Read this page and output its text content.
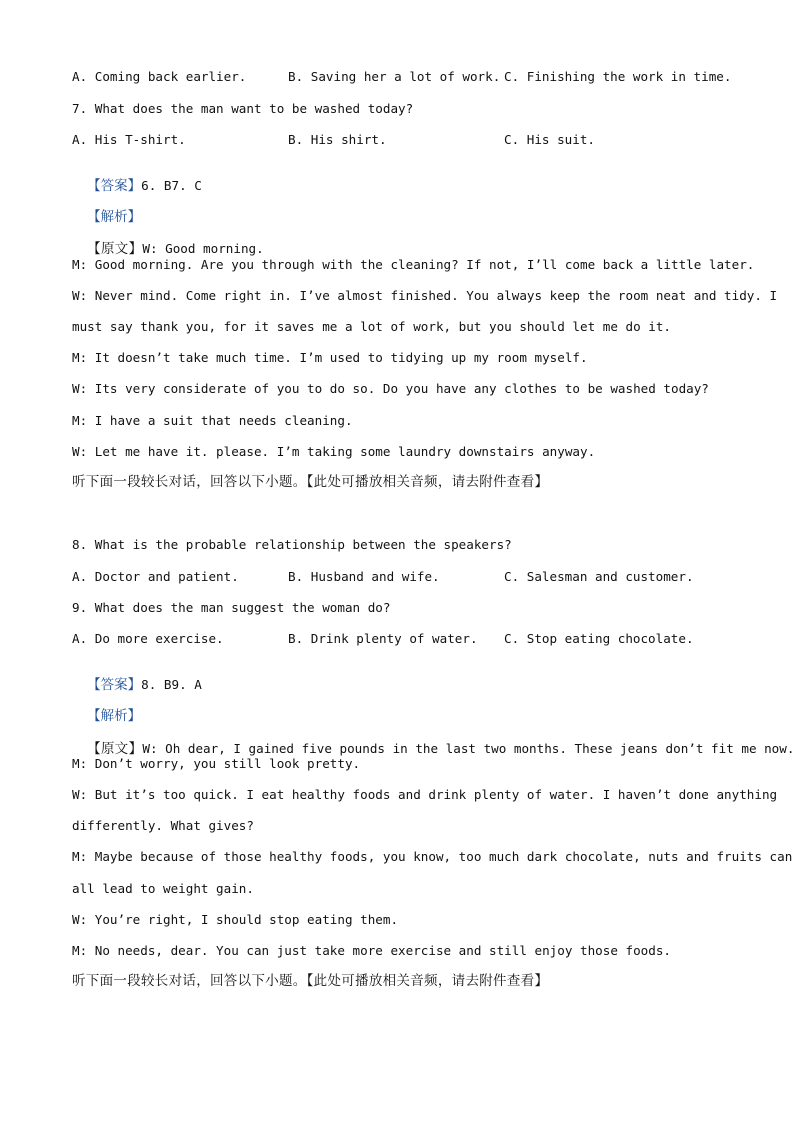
A. Coming back earlier.

	B. Saving her a lot of work.

C. Finishing the work in time.

7. What does the man want to be washed today?

A. His T-shirt.

	B. His shirt.

	C. His suit.

【答案】6. B7. C

【解析】

【原文】W: Good morning.

M: Good morning. Are you through with the cleaning? If not, I’ll come back a little later.
W: Never mind. Come right in. I’ve almost finished. You always keep the room neat and tidy. I
must say thank you, for it saves me a lot of work, but you should let me do it.
M: It doesn’t take much time. I’m used to tidying up my room myself.
W: Its very considerate of you to do so. Do you have any clothes to be washed today?
M: I have a suit that needs cleaning.
W: Let me have it. please. I’m taking some laundry downstairs anyway.
听下面一段较长对话，回答以下小题。【此处可播放相关音频，请去附件查看】
8. What is the probable relationship between the speakers?

A. Doctor and patient.

	B. Husband and wife.

	C. Salesman and customer.

9. What does the man suggest the woman do?

A. Do more exercise.

	B. Drink plenty of water.

C. Stop eating chocolate.

【答案】8. B9. A

【解析】

【原文】W: Oh dear, I gained five pounds in the last two months. These jeans don’t fit me now.

M: Don’t worry, you still look pretty.
W: But it’s too quick. I eat healthy foods and drink plenty of water. I haven’t done anything
differently. What gives?
M: Maybe because of those healthy foods, you know, too much dark chocolate, nuts and fruits can
all lead to weight gain.
W: You’re right, I should stop eating them.
M: No needs, dear. You can just take more exercise and still enjoy those foods.
听下面一段较长对话，回答以下小题。【此处可播放相关音频，请去附件查看】
